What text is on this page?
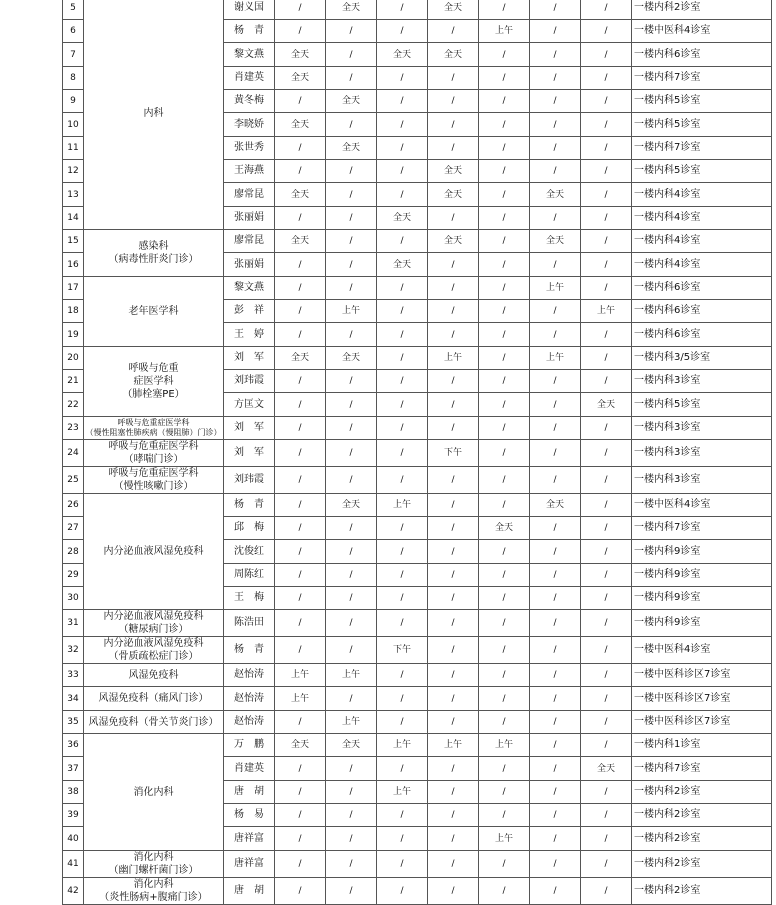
5	内科	谢义国	/	全天	/	全天	/	/	/	一楼内科2诊室
6		杨　青	/	/	/	/	上午	/	/	一楼中医科4诊室
7		黎文燕	全天	/	全天	全天	/	/	/	一楼内科6诊室
8		肖建英	全天	/	/	/	/	/	/	一楼内科7诊室
9		黄冬梅	/	全天	/	/	/	/	/	一楼内科5诊室
10		李晓娇	全天	/	/	/	/	/	/	一楼内科5诊室
11		张世秀	/	全天	/	/	/	/	/	一楼内科7诊室
12		王海燕	/	/	/	全天	/	/	/	一楼内科5诊室
13		廖常昆	全天	/	/	全天	/	全天	/	一楼内科4诊室
14		张丽娟	/	/	全天	/	/	/	/	一楼内科4诊室
15	感染科
（病毒性肝炎门诊）	廖常昆	全天	/	/	全天	/	全天	/	一楼内科4诊室
16		张丽娟	/	/	全天	/	/	/	/	一楼内科4诊室
17	老年医学科	黎文燕	/	/	/	/	/	上午	/	一楼内科6诊室
18		彭　祥	/	上午	/	/	/	/	上午	一楼内科6诊室
19		王　婷	/	/	/	/	/	/	/	一楼内科6诊室
20	呼吸与危重
症医学科
（肺栓塞PE）	刘　军	全天	全天	/	上午	/	上午	/	一楼内科3/5诊室
21		刘玮霞	/	/	/	/	/	/	/	一楼内科3诊室
22		方匡文	/	/	/	/	/	/	全天	一楼内科5诊室
23	呼吸与危重症医学科
（慢性阻塞性肺疾病（慢阻肺）门诊）	刘　军	/	/	/	/	/	/	/	一楼内科3诊室
24	呼吸与危重症医学科
（哮喘门诊）	刘　军	/	/	/	下午	/	/	/	一楼内科3诊室
25	呼吸与危重症医学科
（慢性咳嗽门诊）	刘玮霞	/	/	/	/	/	/	/	一楼内科3诊室
26	内分泌血液风湿免疫科	杨　青	/	全天	上午	/	/	全天	/	一楼中医科4诊室
27		邱　梅	/	/	/	/	全天	/	/	一楼内科7诊室
28		沈俊红	/	/	/	/	/	/	/	一楼内科9诊室
29		周陈红	/	/	/	/	/	/	/	一楼内科9诊室
30		王　梅	/	/	/	/	/	/	/	一楼内科9诊室
31	内分泌血液风湿免疫科
（糖尿病门诊）	陈浩田	/	/	/	/	/	/	/	一楼内科9诊室
32	内分泌血液风湿免疫科
（骨质疏松症门诊）	杨　青	/	/	下午	/	/	/	/	一楼中医科4诊室
33	风湿免疫科	赵怡涛	上午	上午	/	/	/	/	/	一楼中医科诊区7诊室
34	风湿免疫科（痛风门诊）	赵怡涛	上午	/	/	/	/	/	/	一楼中医科诊区7诊室
35	风湿免疫科（骨关节炎门诊）	赵怡涛	/	上午	/	/	/	/	/	一楼中医科诊区7诊室
36	消化内科	万　鹏	全天	全天	上午	上午	上午	/	/	一楼内科1诊室
37		肖建英	/	/	/	/	/	/	全天	一楼内科7诊室
38		唐　胡	/	/	上午	/	/	/	/	一楼内科2诊室
39		杨　易	/	/	/	/	/	/	/	一楼内科2诊室
40		唐祥富	/	/	/	/	上午	/	/	一楼内科2诊室
41	消化内科
（幽门螺杆菌门诊）	唐祥富	/	/	/	/	/	/	/	一楼内科2诊室
42	消化内科
（炎性肠病+腹痛门诊）	唐　胡	/	/	/	/	/	/	/	一楼内科2诊室
